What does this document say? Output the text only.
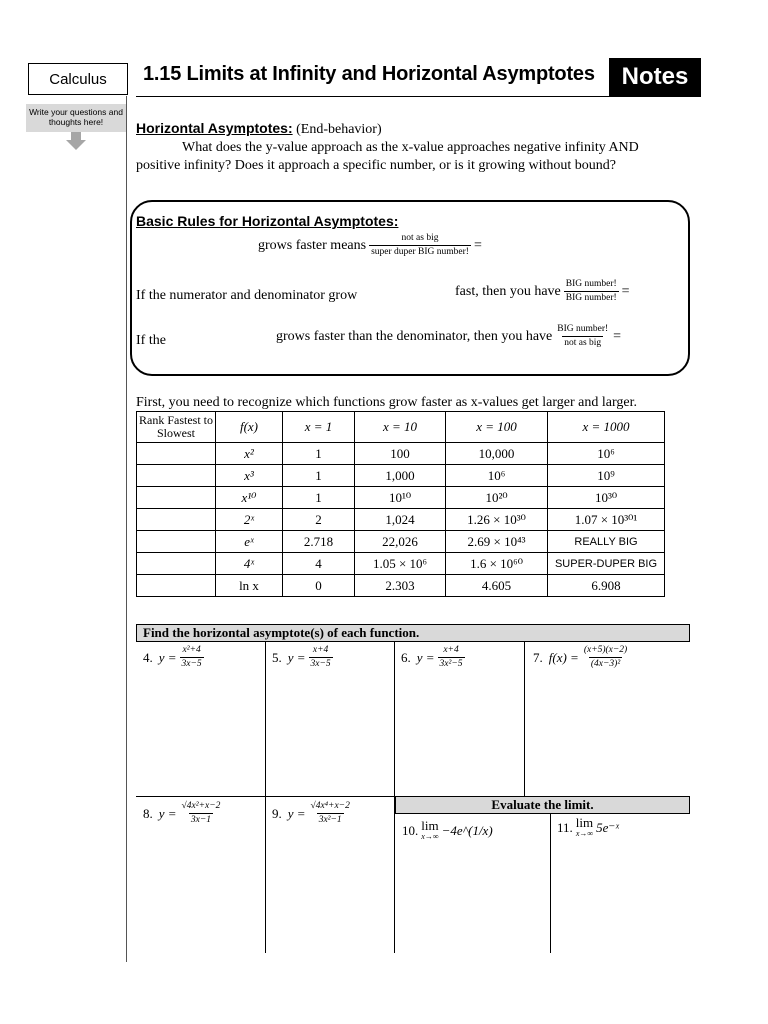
Calculus	1.15 Limits at Infinity and Horizontal Asymptotes	Notes
Write your questions and thoughts here!	Horizontal Asymptotes: (End-behavior)
What does the y-value approach as the x-value approaches negative infinity AND
positive infinity? Does it approach a specific number, or is it growing without bound?
Basic Rules for Horizontal Asymptotes:
grows faster means $\frac{\text{not as big}}{\text{super duper BIG number!}}$ =
If the numerator and denominator grow	fast, then you have $\frac{\text{BIG number!}}{\text{BIG number!}}$ =
If the	grows faster than the denominator, then you have $\frac{\text{BIG number!}}{\text{not as big}}$ =
First, you need to recognize which functions grow faster as x-values get larger and larger.
Rank Fastest to Slowest	f(x)	x = 1	x = 10	x = 100	x = 1000
	x²	1	100	10,000	10⁶
	x³	1	1,000	10⁶	10⁹
	x¹⁰	1	10¹⁰	10²⁰	10³⁰
	2ˣ	2	1,024	1.26 × 10³⁰	1.07 × 10³⁰¹
	eˣ	2.718	22,026	2.69 × 10⁴³	REALLY BIG
	4ˣ	4	1.05 × 10⁶	1.6 × 10⁶⁰	SUPER-DUPER BIG
	ln x	0	2.303	4.605	6.908
Find the horizontal asymptote(s) of each function.
Evaluate the limit.
4. $y = \frac{\text{x²+4}}{3x-5}$	5. $y = \frac{x+4}{3x-5}$	6. $y = \frac{x+4}{\text{3x²−5}}$	7. $f(x) = \frac{(x+5)(x-2)}{\text{(4x−3)²}}$
8. $y = \frac{\text{√4x²+x−2}}{3x-1}$	9. $y = \frac{\text{√4x⁴+x−2}}{\text{3x²−1}}$
10. lim
x→∞ −4e^(1/x)	11. lim
x→∞ 5e⁻ˣ
